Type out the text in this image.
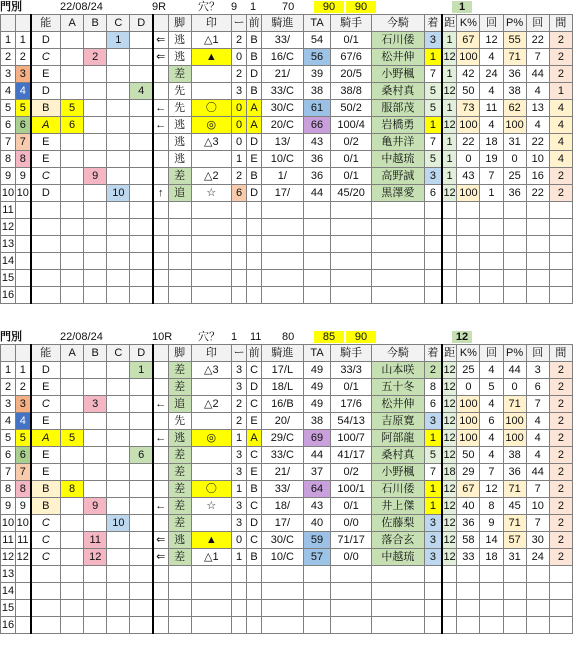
門別	22/08/24	9R	穴？ 9 1 70	90	90	1
		能	A	B	C	D		脚	印	ー	前	騎進	TA	騎手	今騎	着	距	K%	回	P%	回	間
1	1	D			1		⇐	逃	△1	2	B	33/	54	0/1	石川倭	3	1	67	12	55	22	2
2	2	C		2			⇐	逃	▲	0	B	16/C	56	67/6	松井伸	1	12	100	4	71	7	2
3	3	E						差		2	D	21/	39	20/5	小野楓	7	1	42	24	36	44	2
4	4	D				4		先		3	B	33/C	38	38/8	桑村真	5	12	50	4	38	4	1
5	5	B	5				←	先	〇	0	A	30/C	61	50/2	服部茂	5	1	73	11	62	13	4
6	6	A	6				←	逃	◎	0	A	20/C	66	100/4	岩橋勇	1	12	100	4	100	4	4
7	7	E						逃	△3	0	D	13/	43	0/2	亀井洋	7	1	22	18	31	22	4
8	8	E						逃		1	E	10/C	36	0/1	中越琉	5	1	0	19	0	10	4
9	9	C		9				差	△2	2	B	1/	36	0/1	高野誠	3	1	43	7	25	16	2
10	10	D			10		↑	追	☆	6	D	17/	44	45/20	黒澤愛	6	12	100	1	36	22	2
11																						
12																						
13																						
14																						
15																						
16																						
門別	22/08/24	10R 穴？ 1 11 80	85	90	12
		能	A	B	C	D		脚	印	ー	前	騎進	TA	騎手	今騎	着	距	K%	回	P%	回	間
1	1	D				1		差	△3	3	C	17/L	49	33/3	山本咲	2	12	25	4	44	3	2
2	2	E						差		3	D	18/L	49	0/1	五十冬	8	12	0	5	0	6	2
3	3	C		3			←	追	△2	2	C	16/B	49	17/6	松井伸	6	12	100	4	71	7	2
4	4	E						先		2	E	20/	38	54/13	吉原寛	3	12	100	6	100	4	2
5	5	A	5				←	逃	◎	1	A	29/C	69	100/7	阿部龍	1	12	100	4	100	4	2
6	6	E				6		差		3	C	33/C	44	41/17	桑村真	5	12	50	4	38	4	2
7	7	E						差		3	E	21/	37	0/2	小野楓	7	18	29	7	36	44	2
8	8	B	8					差	〇	1	B	33/	64	100/1	石川倭	1	12	67	12	71	7	2
9	9	B		9			←	差	☆	3	C	18/	43	0/1	井上傑	1	12	40	8	45	10	2
10	10	C			10			差		3	D	17/	40	0/0	佐藤梨	3	12	36	9	71	7	2
11	11	C		11			⇐	逃	▲	0	C	30/C	59	71/17	落合玄	3	12	58	14	57	30	2
12	12	C		12			⇐	差	△1	1	B	10/C	57	0/0	中越琉	3	12	33	18	31	24	2
13																						
14																						
15																						
16																						
